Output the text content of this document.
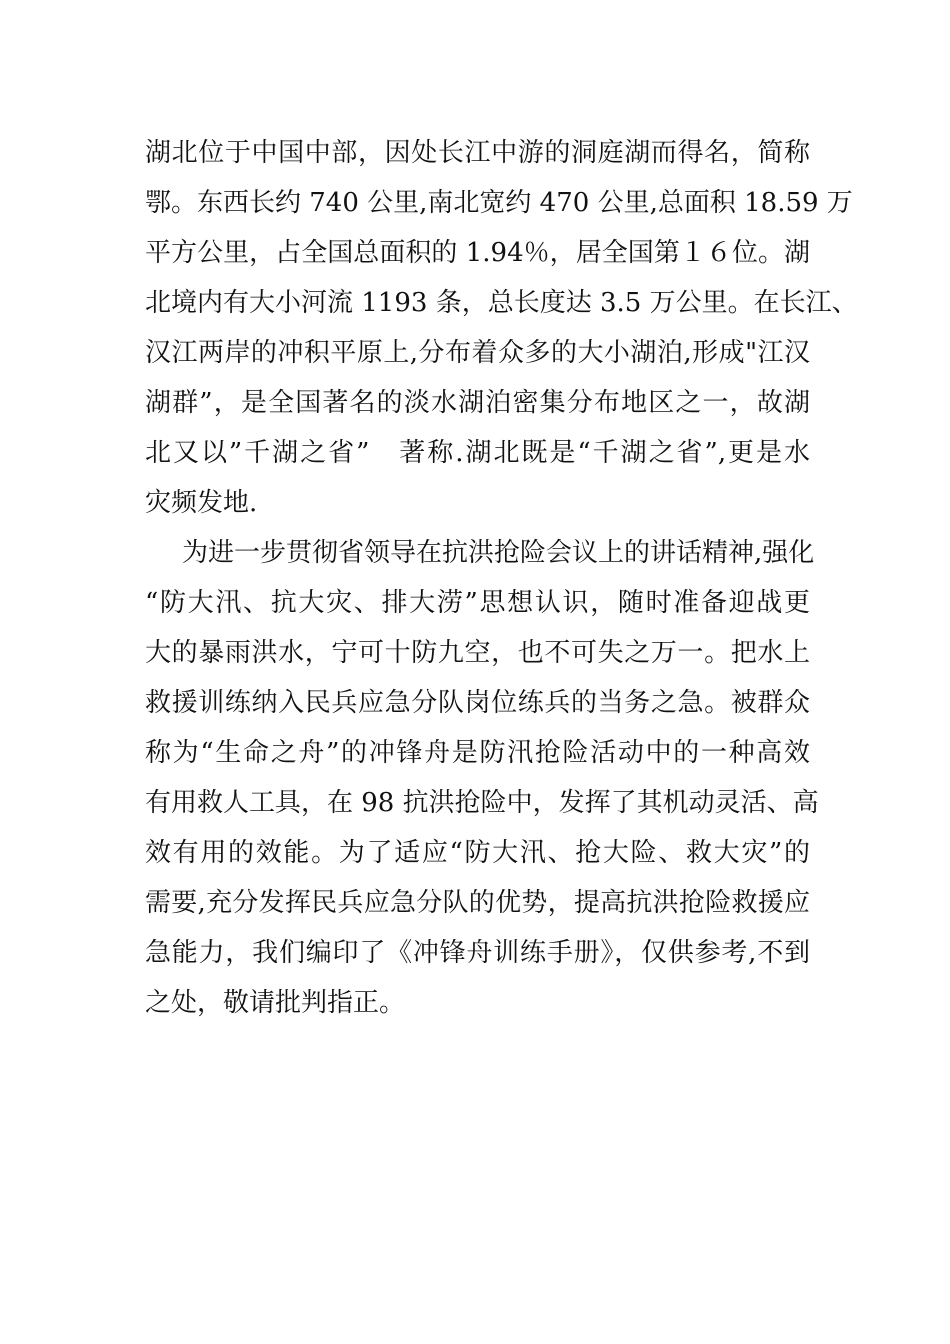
湖北位于中国中部，因处长江中游的洞庭湖而得名，简称
鄂。东西长约 740 公里,南北宽约 470 公里,总面积 18.59 万
平方公里，占全国总面积的 1.94％，居全国第１６位。湖
北境内有大小河流 1193 条，总长度达 3.5 万公里。在长江、
汉江两岸的冲积平原上,分布着众多的大小湖泊,形成"江汉
湖群”，是全国著名的淡水湖泊密集分布地区之一，故湖
北又以”千湖之省”　著称.湖北既是“千湖之省”,更是水
灾频发地.
为进一步贯彻省领导在抗洪抢险会议上的讲话精神,强化
“防大汛、抗大灾、排大涝”思想认识，随时准备迎战更
大的暴雨洪水，宁可十防九空，也不可失之万一。把水上
救援训练纳入民兵应急分队岗位练兵的当务之急。被群众
称为“生命之舟”的冲锋舟是防汛抢险活动中的一种高效
有用救人工具，在 98 抗洪抢险中，发挥了其机动灵活、高
效有用的效能。为了适应“防大汛、抢大险、救大灾”的
需要,充分发挥民兵应急分队的优势，提高抗洪抢险救援应
急能力，我们编印了《冲锋舟训练手册》，仅供参考,不到
之处，敬请批判指正。
